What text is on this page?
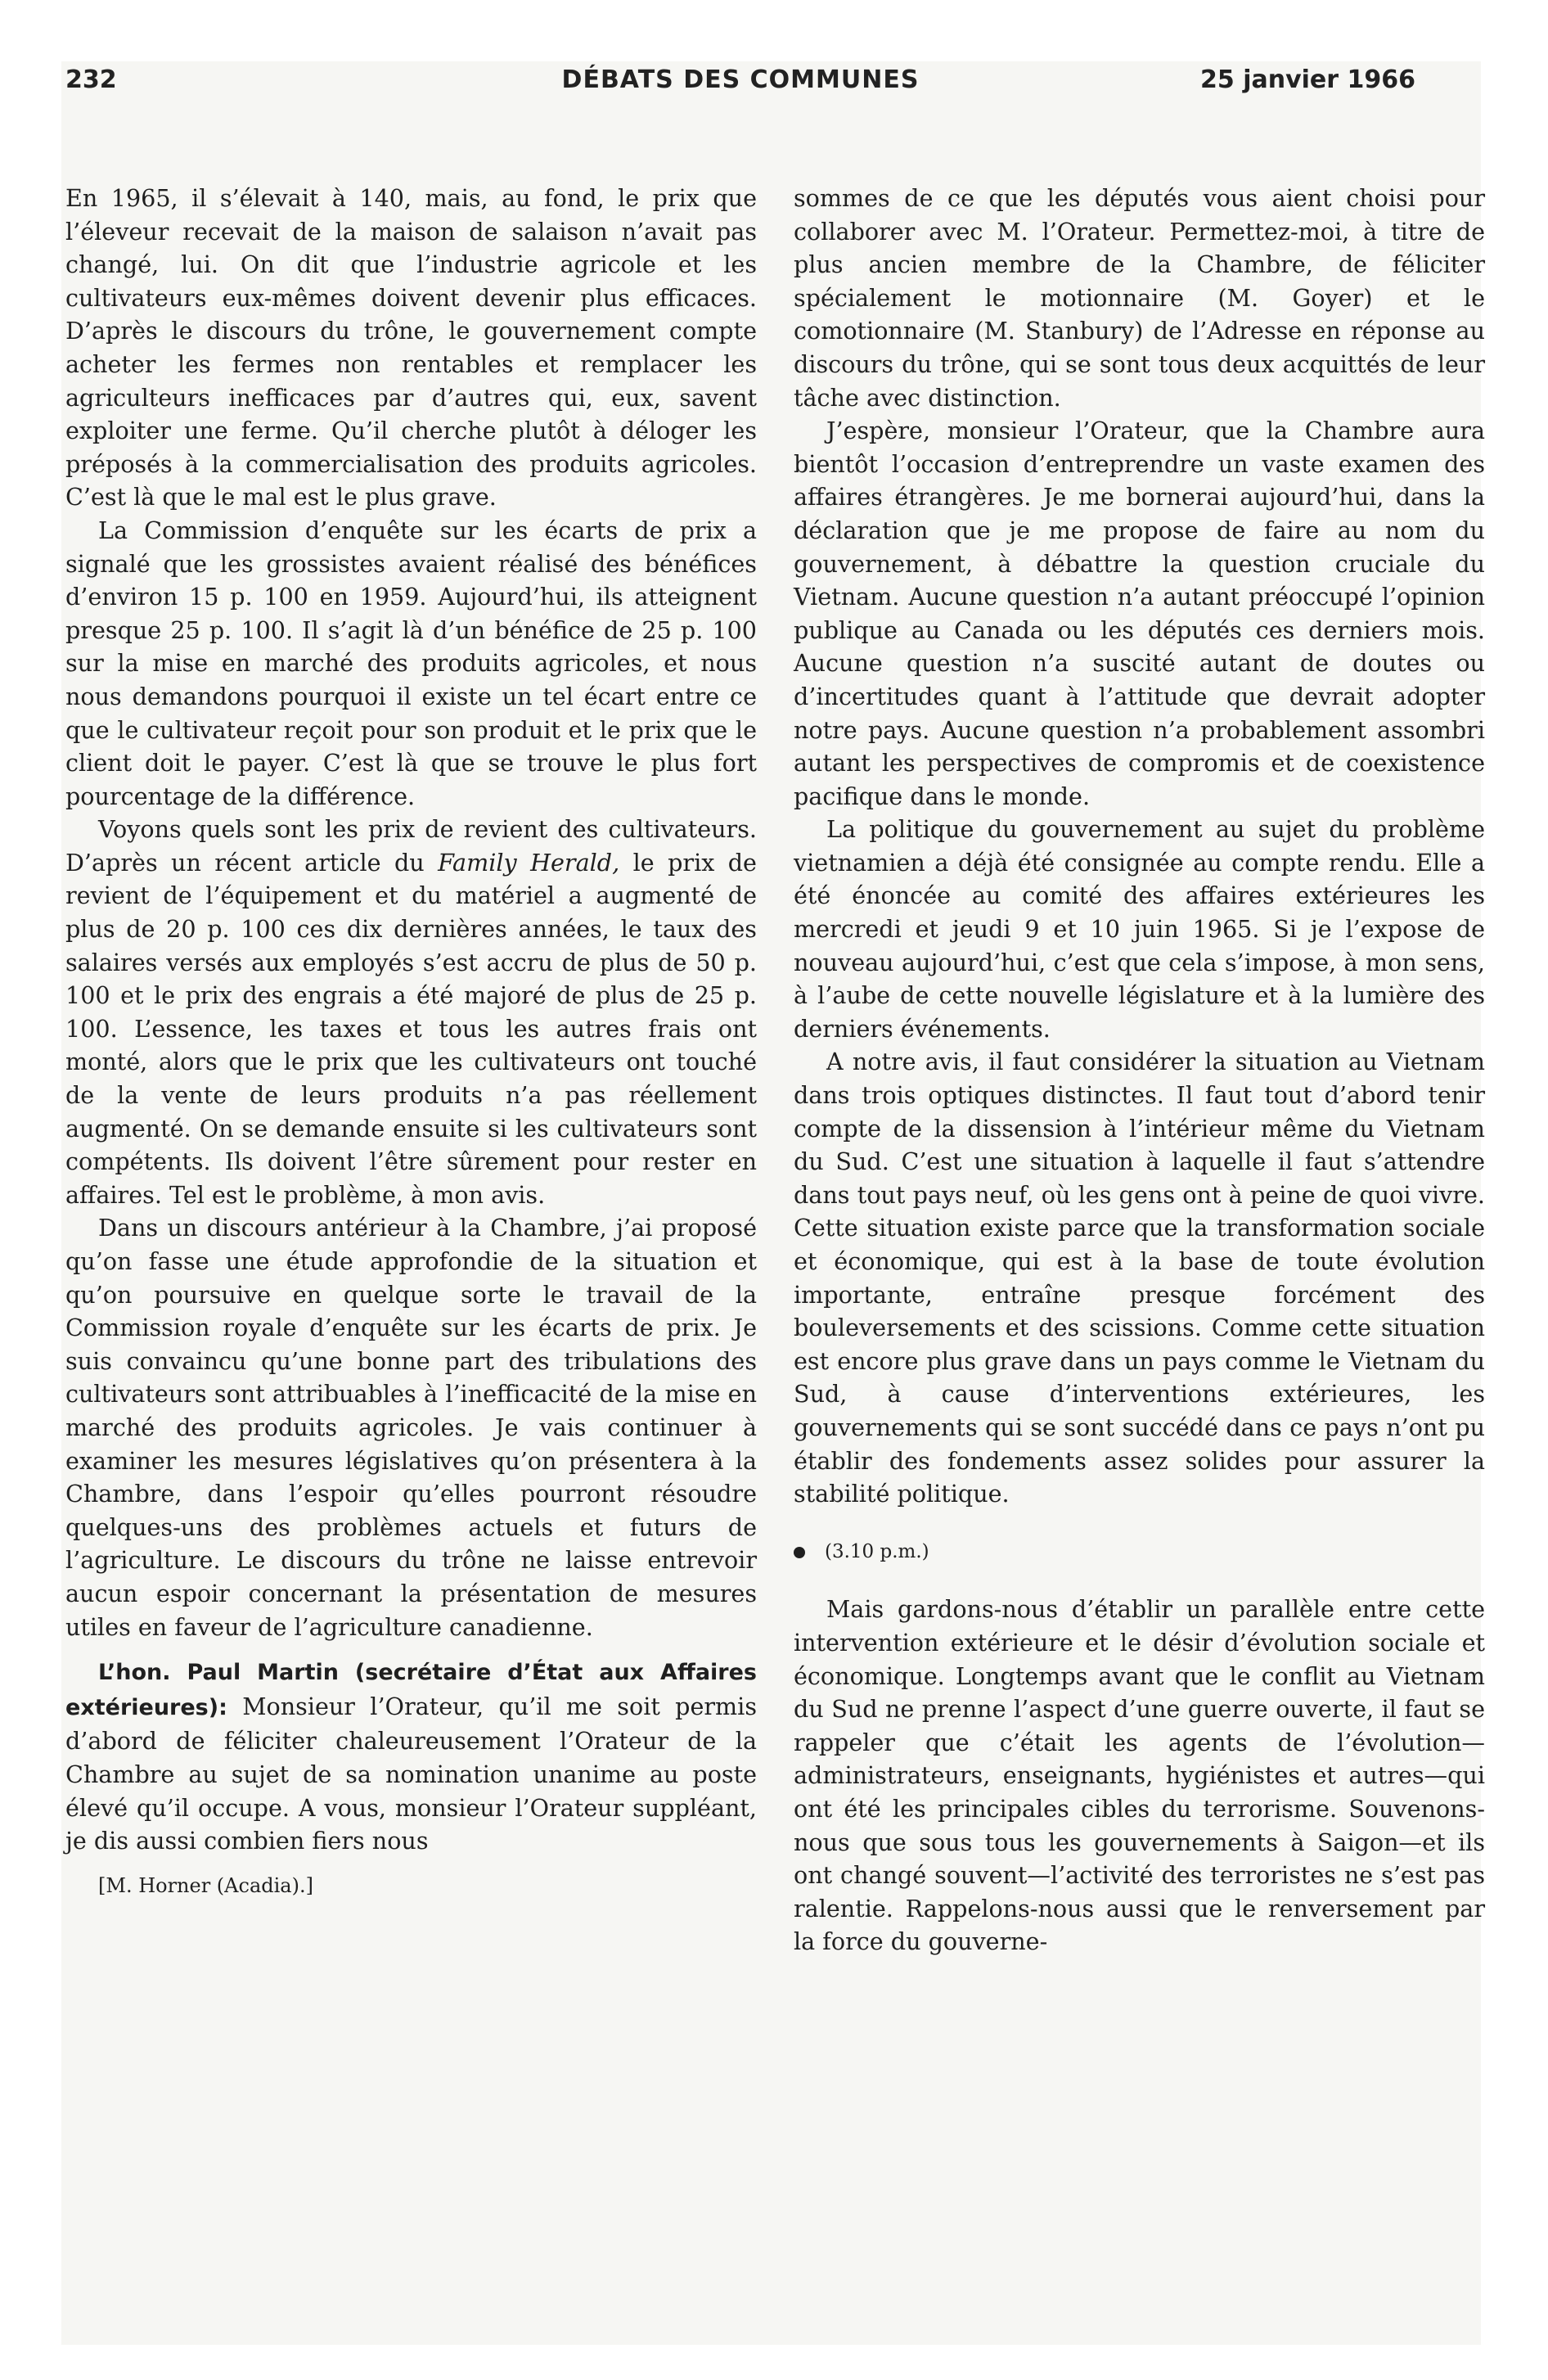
232	DÉBATS DES COMMUNES	25 janvier 1966

En 1965, il s’élevait à 140, mais, au fond, le prix que l’éleveur recevait de la maison de salaison n’avait pas changé, lui. On dit que l’industrie agricole et les cultivateurs eux-mêmes doivent devenir plus efficaces. D’après le discours du trône, le gouvernement compte acheter les fermes non rentables et remplacer les agriculteurs inefficaces par d’autres qui, eux, savent exploiter une ferme. Qu’il cherche plutôt à déloger les préposés à la commercialisation des produits agricoles. C’est là que le mal est le plus grave.

La Commission d’enquête sur les écarts de prix a signalé que les grossistes avaient réalisé des bénéfices d’environ 15 p. 100 en 1959. Aujourd’hui, ils atteignent presque 25 p. 100. Il s’agit là d’un bénéfice de 25 p. 100 sur la mise en marché des produits agricoles, et nous nous demandons pourquoi il existe un tel écart entre ce que le cultivateur reçoit pour son produit et le prix que le client doit le payer. C’est là que se trouve le plus fort pourcentage de la différence.

Voyons quels sont les prix de revient des cultivateurs. D’après un récent article du Family Herald, le prix de revient de l’équipement et du matériel a augmenté de plus de 20 p. 100 ces dix dernières années, le taux des salaires versés aux employés s’est accru de plus de 50 p. 100 et le prix des engrais a été majoré de plus de 25 p. 100. L’essence, les taxes et tous les autres frais ont monté, alors que le prix que les cultivateurs ont touché de la vente de leurs produits n’a pas réellement augmenté. On se demande ensuite si les cultivateurs sont compétents. Ils doivent l’être sûrement pour rester en affaires. Tel est le problème, à mon avis.

Dans un discours antérieur à la Chambre, j’ai proposé qu’on fasse une étude approfondie de la situation et qu’on poursuive en quelque sorte le travail de la Commission royale d’enquête sur les écarts de prix. Je suis convaincu qu’une bonne part des tribulations des cultivateurs sont attribuables à l’inefficacité de la mise en marché des produits agricoles. Je vais continuer à examiner les mesures législatives qu’on présentera à la Chambre, dans l’espoir qu’elles pourront résoudre quelques-uns des problèmes actuels et futurs de l’agriculture. Le discours du trône ne laisse entrevoir aucun espoir concernant la présentation de mesures utiles en faveur de l’agriculture canadienne.

L’hon. Paul Martin (secrétaire d’État aux Affaires extérieures): Monsieur l’Orateur, qu’il me soit permis d’abord de féliciter chaleureusement l’Orateur de la Chambre au sujet de sa nomination unanime au poste élevé qu’il occupe. A vous, monsieur l’Orateur suppléant, je dis aussi combien fiers nous

[M. Horner (Acadia).]

sommes de ce que les députés vous aient choisi pour collaborer avec M. l’Orateur. Permettez-moi, à titre de plus ancien membre de la Chambre, de féliciter spécialement le motionnaire (M. Goyer) et le comotionnaire (M. Stanbury) de l’Adresse en réponse au discours du trône, qui se sont tous deux acquittés de leur tâche avec distinction.

J’espère, monsieur l’Orateur, que la Chambre aura bientôt l’occasion d’entreprendre un vaste examen des affaires étrangères. Je me bornerai aujourd’hui, dans la déclaration que je me propose de faire au nom du gouvernement, à débattre la question cruciale du Vietnam. Aucune question n’a autant préoccupé l’opinion publique au Canada ou les députés ces derniers mois. Aucune question n’a suscité autant de doutes ou d’incertitudes quant à l’attitude que devrait adopter notre pays. Aucune question n’a probablement assombri autant les perspectives de compromis et de coexistence pacifique dans le monde.

La politique du gouvernement au sujet du problème vietnamien a déjà été consignée au compte rendu. Elle a été énoncée au comité des affaires extérieures les mercredi et jeudi 9 et 10 juin 1965. Si je l’expose de nouveau aujourd’hui, c’est que cela s’impose, à mon sens, à l’aube de cette nouvelle législature et à la lumière des derniers événements.

A notre avis, il faut considérer la situation au Vietnam dans trois optiques distinctes. Il faut tout d’abord tenir compte de la dissension à l’intérieur même du Vietnam du Sud. C’est une situation à laquelle il faut s’attendre dans tout pays neuf, où les gens ont à peine de quoi vivre. Cette situation existe parce que la transformation sociale et économique, qui est à la base de toute évolution importante, entraîne presque forcément des bouleversements et des scissions. Comme cette situation est encore plus grave dans un pays comme le Vietnam du Sud, à cause d’interventions extérieures, les gouvernements qui se sont succédé dans ce pays n’ont pu établir des fondements assez solides pour assurer la stabilité politique.

(3.10 p.m.)

Mais gardons-nous d’établir un parallèle entre cette intervention extérieure et le désir d’évolution sociale et économique. Longtemps avant que le conflit au Vietnam du Sud ne prenne l’aspect d’une guerre ouverte, il faut se rappeler que c’était les agents de l’évolution—administrateurs, enseignants, hygiénistes et autres—qui ont été les principales cibles du terrorisme. Souvenons-nous que sous tous les gouvernements à Saigon—et ils ont changé souvent—l’activité des terroristes ne s’est pas ralentie. Rappelons-nous aussi que le renversement par la force du gouverne-
